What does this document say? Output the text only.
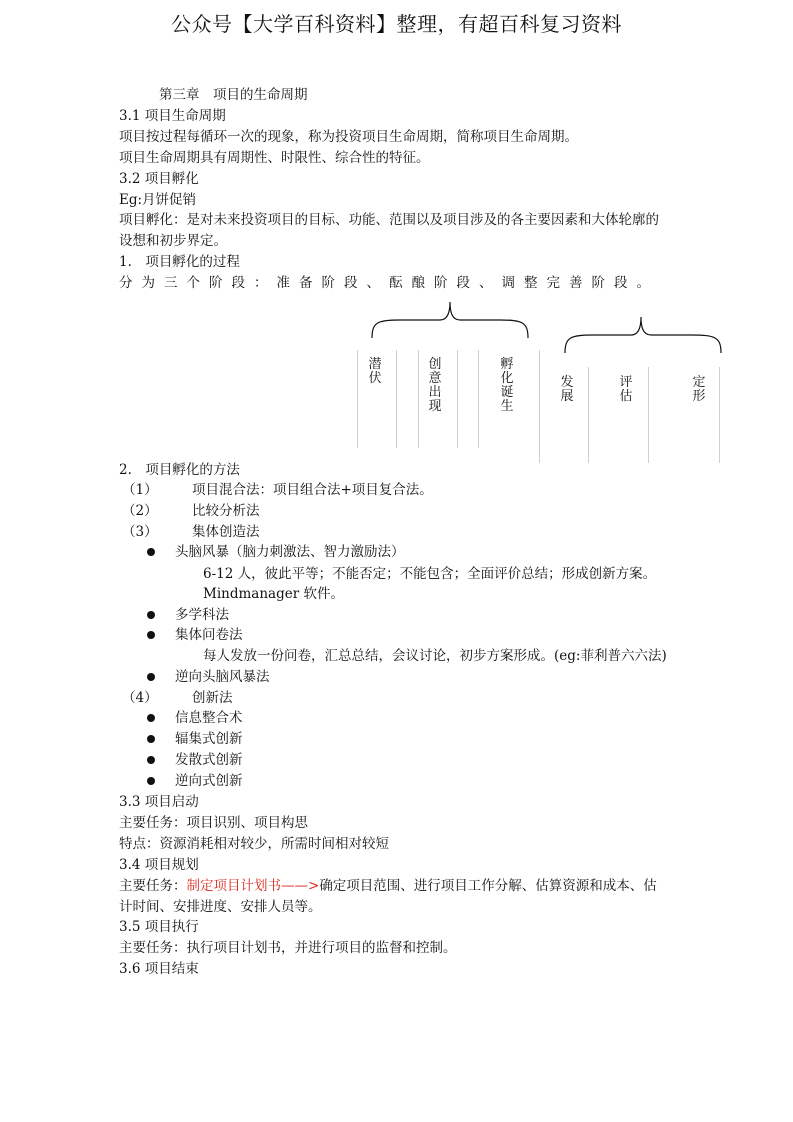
公众号【大学百科资料】整理，有超百科复习资料
第三章　项目的生命周期
3.1 项目生命周期
项目按过程每循环一次的现象，称为投资项目生命周期，简称项目生命周期。
项目生命周期具有周期性、时限性、综合性的特征。
3.2 项目孵化
Eg:月饼促销
项目孵化：是对未来投资项目的目标、功能、范围以及项目涉及的各主要因素和大体轮廓的
设想和初步界定。
1.　项目孵化的过程
分为三个阶段：准备阶段、酝酿阶段、调整完善阶段。
潜伏
创意出现
孵化诞生
发展
评估
定形
2.　项目孵化的方法
（1）	项目混合法：项目组合法+项目复合法。
（2）	比较分析法
（3）	集体创造法
头脑风暴（脑力刺激法、智力激励法）
6-12 人，彼此平等；不能否定；不能包含；全面评价总结；形成创新方案。
Mindmanager 软件。
多学科法
集体问卷法
每人发放一份问卷，汇总总结，会议讨论，初步方案形成。(eg:菲利普六六法)
逆向头脑风暴法
（4）	创新法
信息整合术
辐集式创新
发散式创新
逆向式创新
3.3 项目启动
主要任务：项目识别、项目构思
特点：资源消耗相对较少，所需时间相对较短
3.4 项目规划
主要任务：制定项目计划书——>确定项目范围、进行项目工作分解、估算资源和成本、估
计时间、安排进度、安排人员等。
3.5 项目执行
主要任务：执行项目计划书，并进行项目的监督和控制。
3.6 项目结束
